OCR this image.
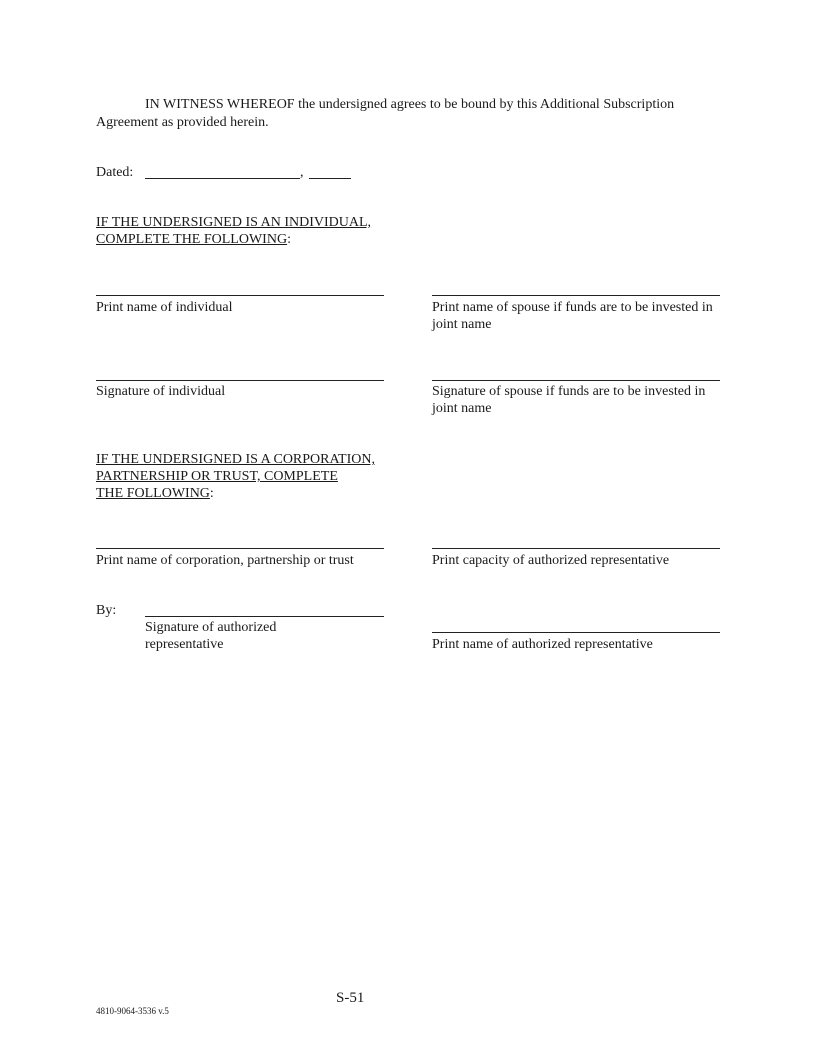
IN WITNESS WHEREOF the undersigned agrees to be bound by this Additional Subscription
Agreement as provided herein.
Dated:	,
IF THE UNDERSIGNED IS AN INDIVIDUAL,
COMPLETE THE FOLLOWING:
Print name of individual	Print name of spouse if funds are to be invested in
joint name
Signature of individual	Signature of spouse if funds are to be invested in
joint name
IF THE UNDERSIGNED IS A CORPORATION,
PARTNERSHIP OR TRUST, COMPLETE
THE FOLLOWING:
Print name of corporation, partnership or trust	Print capacity of authorized representative
By:
Signature of authorized
representative	Print name of authorized representative
S-51
4810-9064-3536 v.5
